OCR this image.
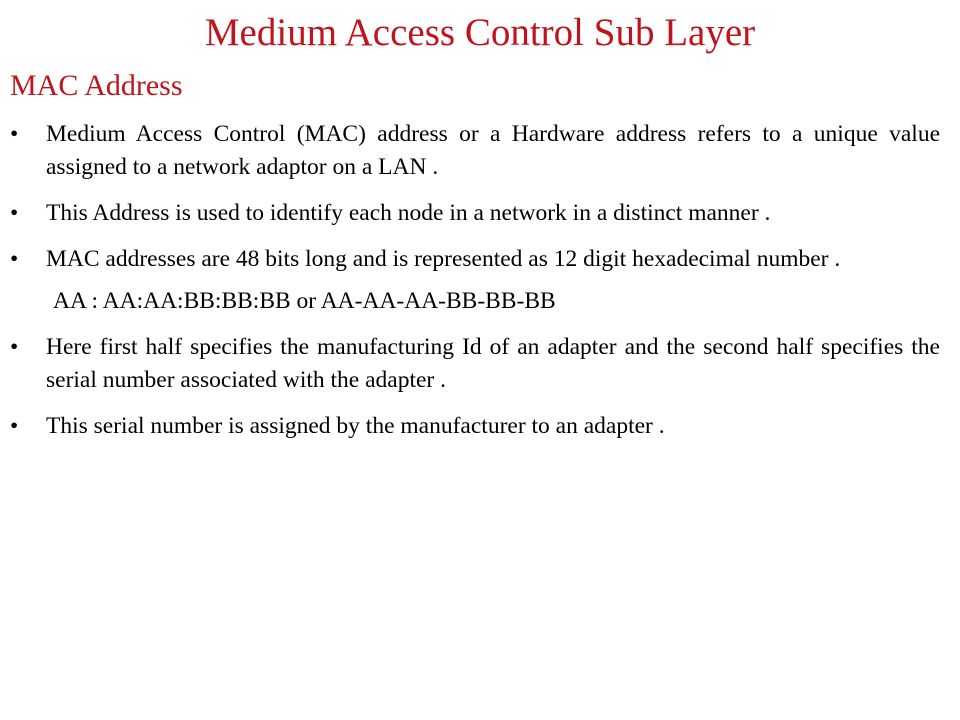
Medium Access Control Sub Layer
MAC Address
•	Medium Access Control (MAC) address or a Hardware address refers to a unique value assigned to a network adaptor on a LAN .
•	This Address is used to identify each node in a network in a distinct manner .
•	MAC addresses are 48 bits long and is represented as 12 digit hexadecimal number .
AA : AA:AA:BB:BB:BB or AA-AA-AA-BB-BB-BB
•	Here first half specifies the manufacturing Id of an adapter and the second half specifies the serial number associated with the adapter .
•	This serial number is assigned by the manufacturer to an adapter .
